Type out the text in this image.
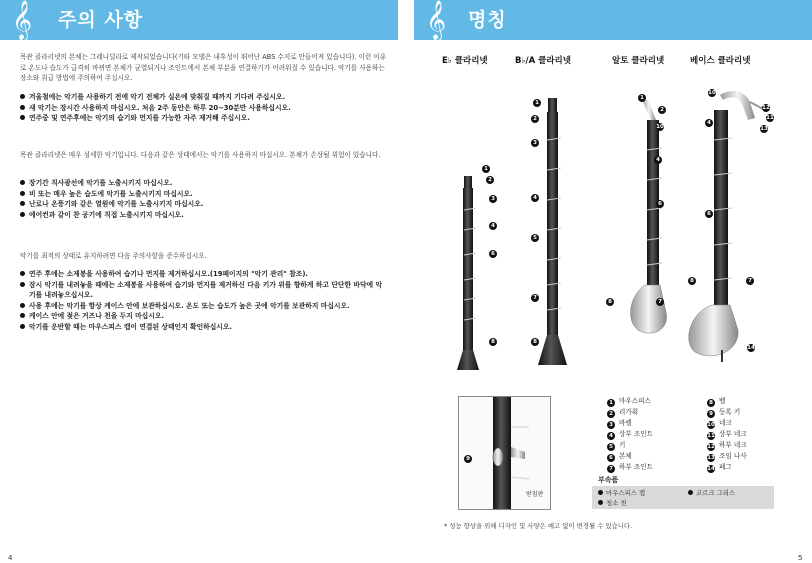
𝄞 주의 사항	𝄞 명칭
목관 클라리넷의 본체는 그레나딜라로 제작되었습니다(기타 모델은 내후성이 뛰어난 ABS 수지로 만들어져 있습니다). 이런 이유로 온도나 습도가 급격히 바뀌면 본체가 균열되거나 조인트에서 본체 부분을 연결하기가 어려워질 수 있습니다. 악기를 사용하는 장소와 취급 방법에 주의하여 주십시오.
겨울철에는 악기를 사용하기 전에 악기 전체가 실온에 맞춰질 때까지 기다려 주십시오.
새 악기는 장시간 사용하지 마십시오. 처음 2주 동안은 하루 20~30분만 사용하십시오.
연주중 및 연주후에는 악기의 습기와 먼지를 가능한 자주 제거해 주십시오.
목관 클라리넷은 매우 섬세한 악기입니다. 다음과 같은 상태에서는 악기를 사용하지 마십시오. 본체가 손상될 위험이 있습니다.
장기간 직사광선에 악기를 노출시키지 마십시오.
비 또는 매우 높은 습도에 악기를 노출시키지 마십시오.
난로나 온풍기와 같은 열원에 악기를 노출시키지 마십시오.
에어컨과 같이 찬 공기에 직접 노출시키지 마십시오.
악기를 최적의 상태로 유지하려면 다음 주의사항을 준수하십시오.
연주 후에는 소제봉을 사용하여 습기나 먼지를 제거하십시오.(19페이지의 "악기 관리" 참조).
잠시 악기를 내려놓을 때에는 소제봉을 사용하여 습기와 먼지를 제거하신 다음 키가 위를 향하게 하고 단단한 바닥에 악기를 내려놓으십시오.
사용 후에는 악기를 항상 케이스 안에 보관하십시오. 온도 또는 습도가 높은 곳에 악기를 보관하지 마십시오.
케이스 안에 젖은 거즈나 천을 두지 마십시오.
악기를 운반할 때는 마우스피스 캡이 연결된 상태인지 확인하십시오.
4
E♭ 클라리넷	B♭/A 클라리넷	알토 클라리넷	베이스 클라리넷
1
2
3
4
6
8
1
2
3
4
5
7
8
1
2
10
4
6
7
8
10
12
11
13
4
6
7
8
14
9
받침판
1 마우스피스
2 리가춰
3 바렐
4 상부 조인트
5 키
6 본체
7 하부 조인트
8 벨
9 등록 키
10 네크
11 상부 네크
12 하부 네크
13 조임 나사
14 페그
부속품
마우스피스 캡	코르크 그리스
청소 천
* 성능 향상을 위해 디자인 및 사양은 예고 없이 변경될 수 있습니다.
5
